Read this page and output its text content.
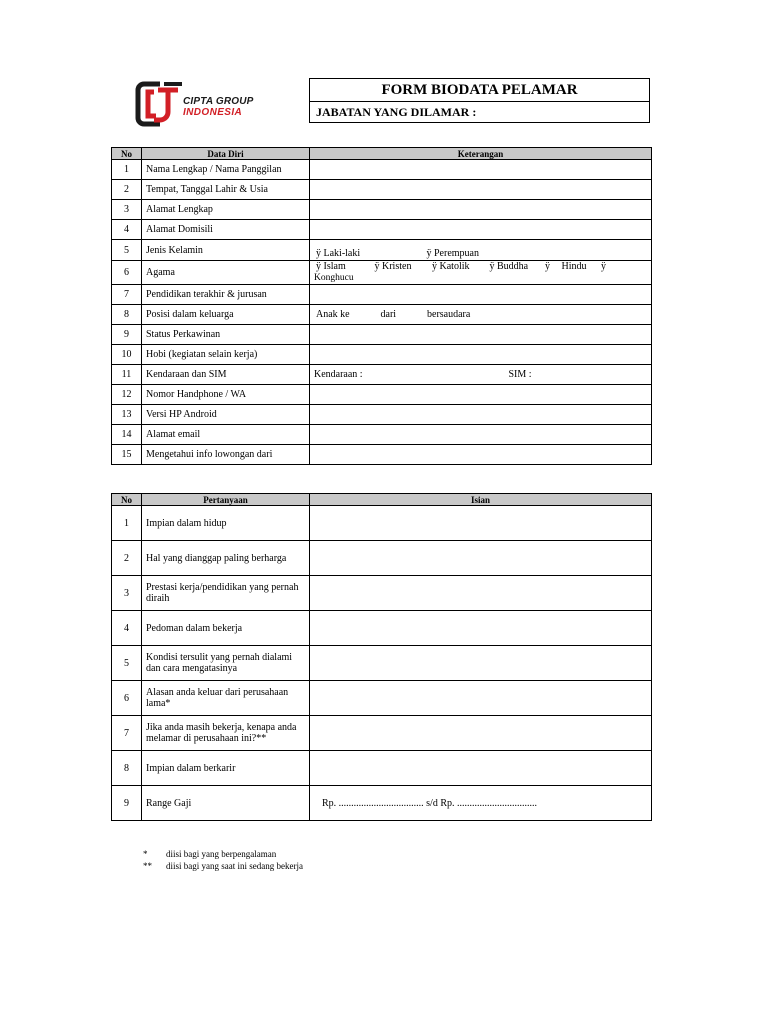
CIPTA GROUP
INDONESIA
FORM BIODATA PELAMAR
JABATAN YANG DILAMAR :
No	Data Diri	Keterangan
1	Nama Lengkap / Nama Panggilan	
2	Tempat, Tanggal Lahir & Usia	
3	Alamat Lengkap	
4	Alamat Domisili	
5	Jenis Kelamin	ÿ Laki-laki ÿ Perempuan
6	Agama	ÿ Islam ÿ Kristen ÿ Katolik ÿ Buddha ÿ Hindu ÿ Konghucu
7	Pendidikan terakhir & jurusan	
8	Posisi dalam keluarga	Anak ke dari bersaudara
9	Status Perkawinan	
10	Hobi (kegiatan selain kerja)	
11	Kendaraan dan SIM	Kendaraan : SIM :
12	Nomor Handphone / WA	
13	Versi HP Android	
14	Alamat email	
15	Mengetahui info lowongan dari	
No	Pertanyaan	Isian
1	Impian dalam hidup	
2	Hal yang dianggap paling berharga	
3	Prestasi kerja/pendidikan yang pernah diraih	
4	Pedoman dalam bekerja	
5	Kondisi tersulit yang pernah dialami dan cara mengatasinya	
6	Alasan anda keluar dari perusahaan lama*	
7	Jika anda masih bekerja, kenapa anda melamar di perusahaan ini?**	
8	Impian dalam berkarir	
9	Range Gaji	Rp. .................................. s/d Rp. ................................
* diisi bagi yang berpengalaman
** diisi bagi yang saat ini sedang bekerja
